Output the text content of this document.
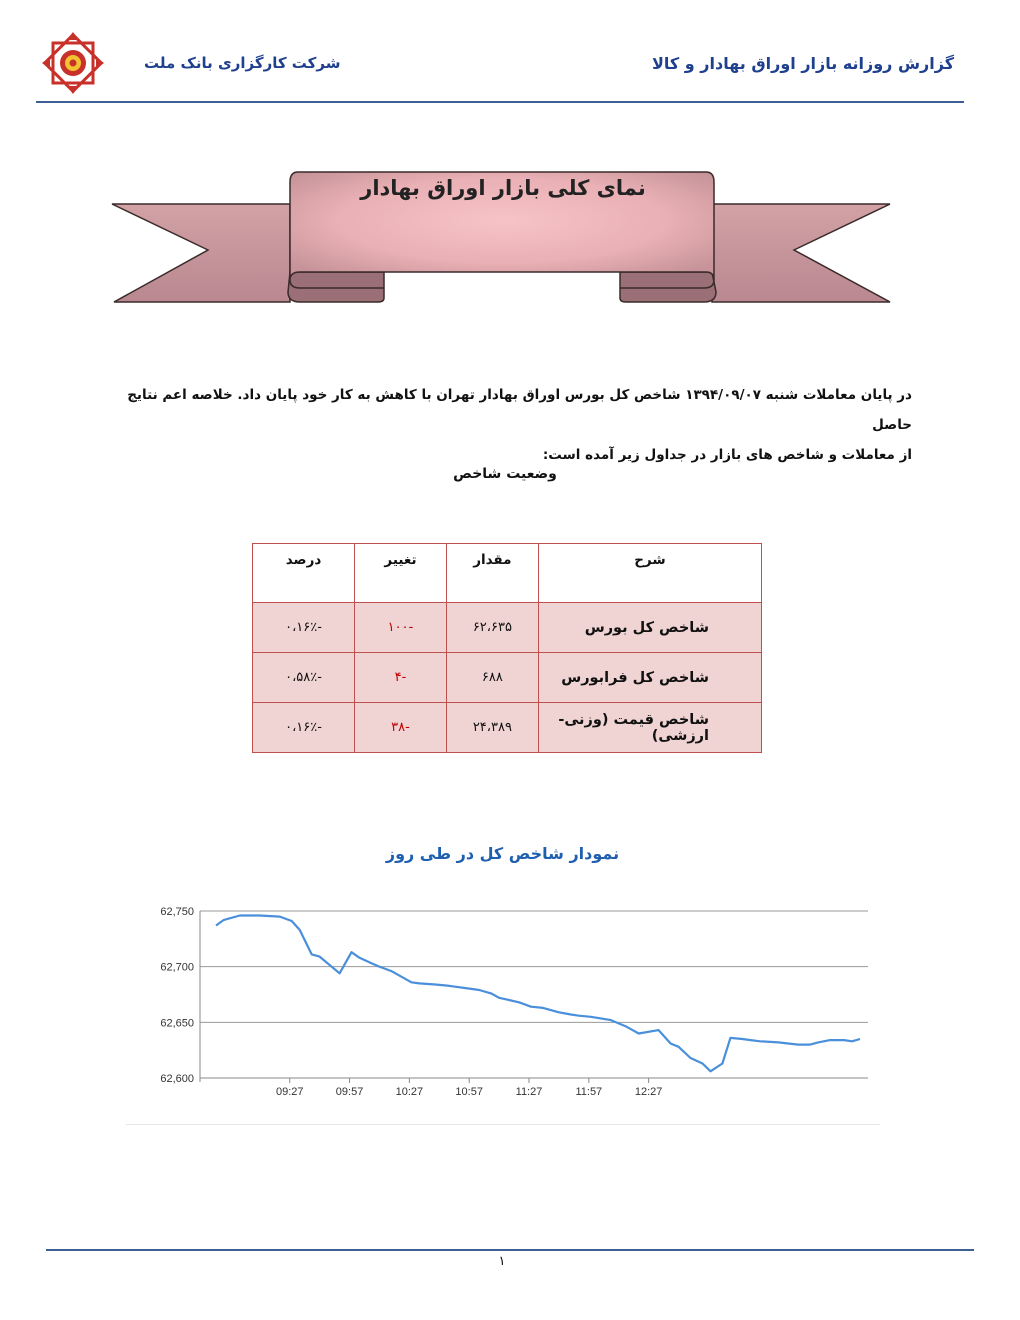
گزارش روزانه بازار اوراق بهادار و کالا
شرکت کارگزاری بانک ملت
نمای کلی بازار اوراق بهادار
در پایان معاملات شنبه ۱۳۹۴/۰۹/۰۷ شاخص کل بورس اوراق بهادار تهران با کاهش به کار خود پایان داد. خلاصه اعم نتایج حاصل
از معاملات و شاخص های بازار در جداول زیر آمده است:
وضعیت شاخص
شرح	مقدار	تغییر	درصد
شاخص کل بورس	۶۲،۶۳۵	-۱۰۰	-۰،۱۶٪
شاخص کل فرابورس	۶۸۸	-۴	-۰،۵۸٪
شاخص قیمت (وزنی-ارزشی)	۲۴،۳۸۹	-۳۸	-۰،۱۶٪
نمودار شاخص کل در طی روز
62,750
62,700
62,650
62,600
09:27	09:57	10:27	10:57	11:27	11:57	12:27
۱
